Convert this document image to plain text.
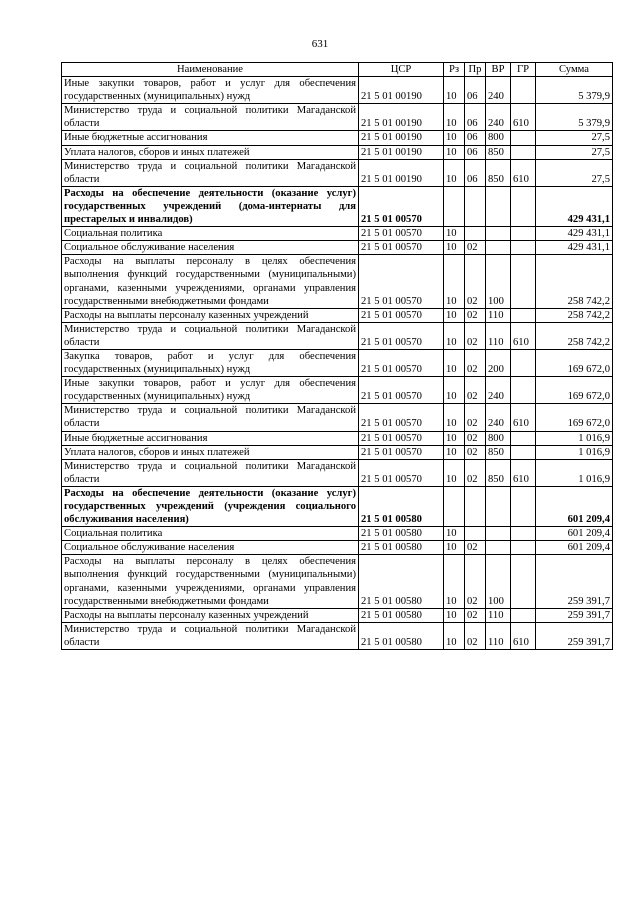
631
Наименование	ЦСР	Рз	Пр	ВР	ГР	Сумма
Иные закупки товаров, работ и услуг для обеспечения государственных (муниципальных) нужд	21 5 01 00190	10	06	240		5 379,9
Министерство труда и социальной политики Магаданской области	21 5 01 00190	10	06	240	610	5 379,9
Иные бюджетные ассигнования	21 5 01 00190	10	06	800		27,5
Уплата налогов, сборов и иных платежей	21 5 01 00190	10	06	850		27,5
Министерство труда и социальной политики Магаданской области	21 5 01 00190	10	06	850	610	27,5
Расходы на обеспечение деятельности (оказание услуг) государственных учреждений (дома-интернаты для престарелых и инвалидов)	21 5 01 00570					429 431,1
Социальная политика	21 5 01 00570	10				429 431,1
Социальное обслуживание населения	21 5 01 00570	10	02			429 431,1
Расходы на выплаты персоналу в целях обеспечения выполнения функций государственными (муниципальными) органами, казенными учреждениями, органами управления государственными внебюджетными фондами	21 5 01 00570	10	02	100		258 742,2
Расходы на выплаты персоналу казенных учреждений	21 5 01 00570	10	02	110		258 742,2
Министерство труда и социальной политики Магаданской области	21 5 01 00570	10	02	110	610	258 742,2
Закупка товаров, работ и услуг для обеспечения государственных (муниципальных) нужд	21 5 01 00570	10	02	200		169 672,0
Иные закупки товаров, работ и услуг для обеспечения государственных (муниципальных) нужд	21 5 01 00570	10	02	240		169 672,0
Министерство труда и социальной политики Магаданской области	21 5 01 00570	10	02	240	610	169 672,0
Иные бюджетные ассигнования	21 5 01 00570	10	02	800		1 016,9
Уплата налогов, сборов и иных платежей	21 5 01 00570	10	02	850		1 016,9
Министерство труда и социальной политики Магаданской области	21 5 01 00570	10	02	850	610	1 016,9
Расходы на обеспечение деятельности (оказание услуг) государственных учреждений (учреждения социального обслуживания населения)	21 5 01 00580					601 209,4
Социальная политика	21 5 01 00580	10				601 209,4
Социальное обслуживание населения	21 5 01 00580	10	02			601 209,4
Расходы на выплаты персоналу в целях обеспечения выполнения функций государственными (муниципальными) органами, казенными учреждениями, органами управления государственными внебюджетными фондами	21 5 01 00580	10	02	100		259 391,7
Расходы на выплаты персоналу казенных учреждений	21 5 01 00580	10	02	110		259 391,7
Министерство труда и социальной политики Магаданской области	21 5 01 00580	10	02	110	610	259 391,7
